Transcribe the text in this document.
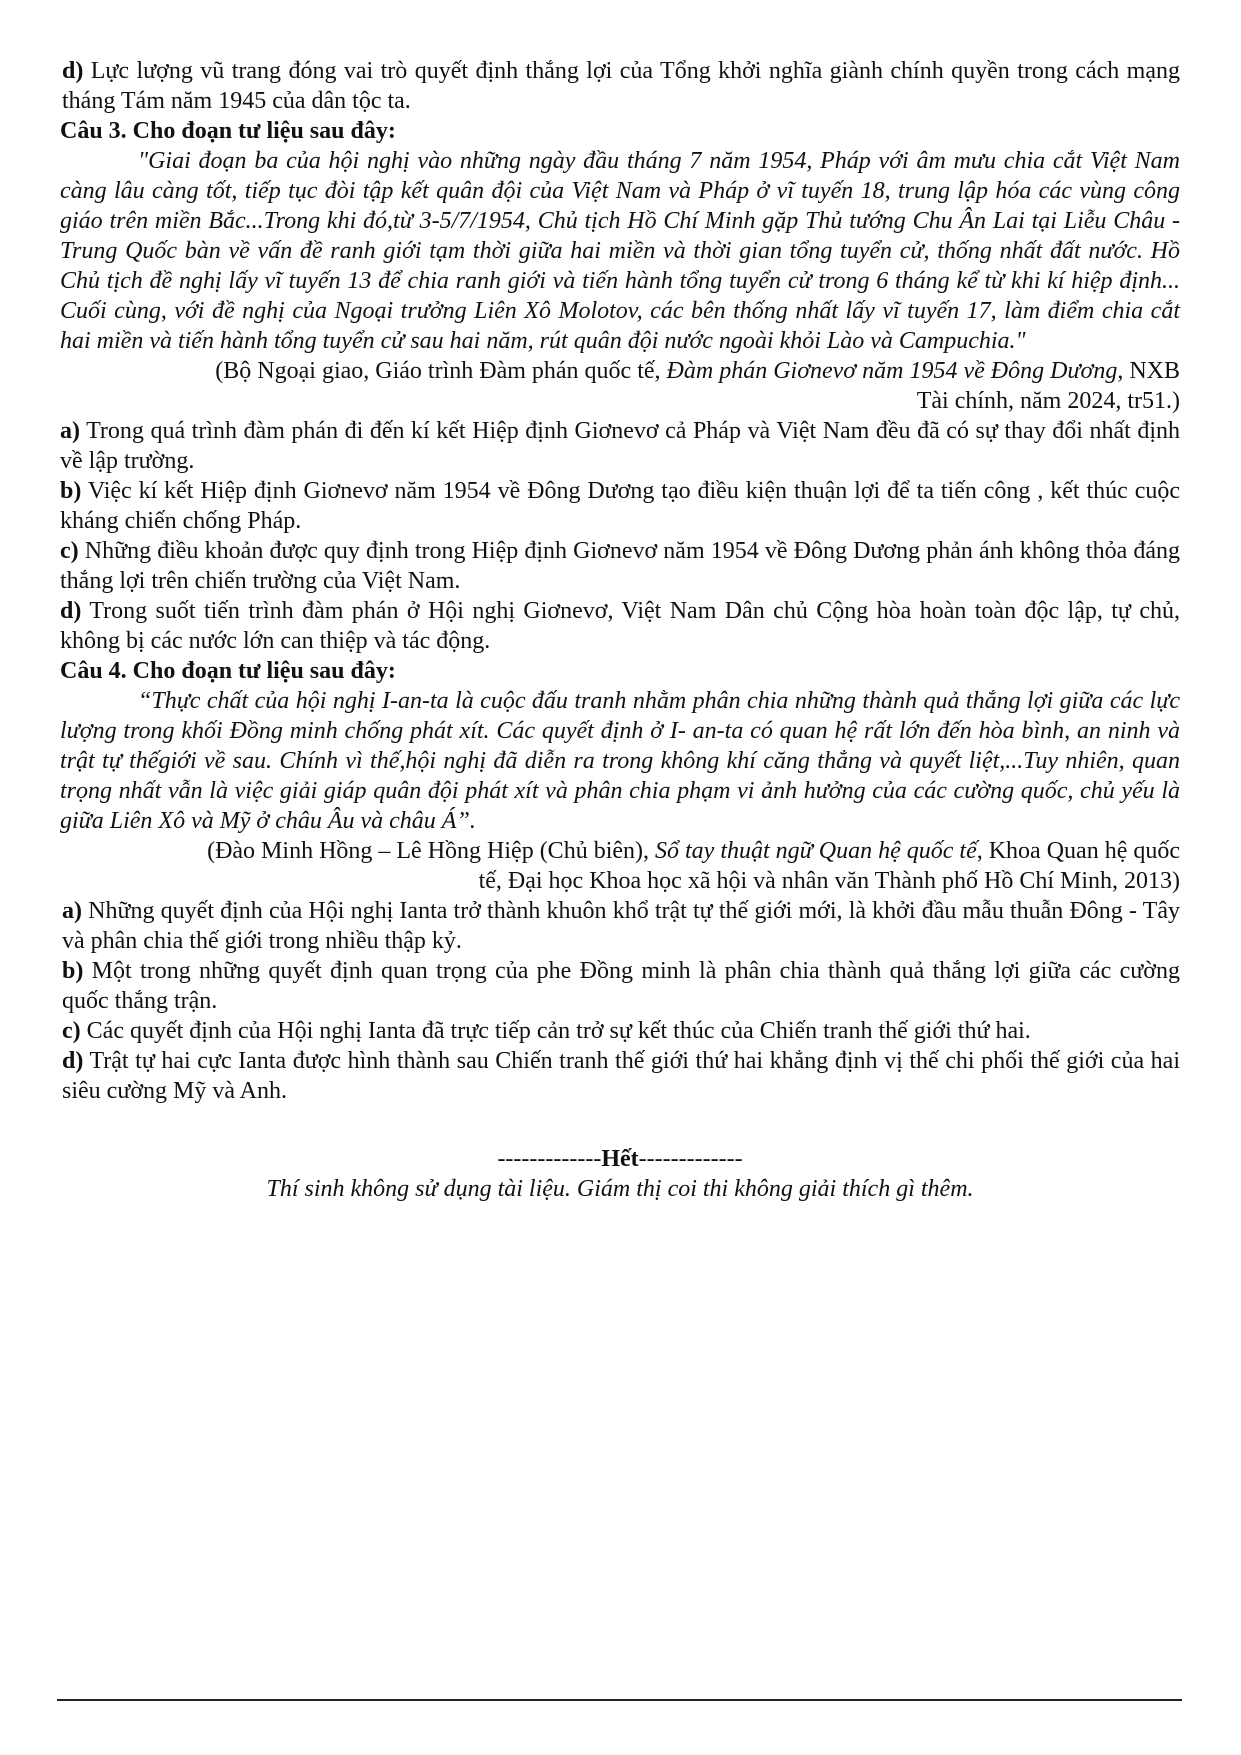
d) Lực lượng vũ trang đóng vai trò quyết định thắng lợi của Tổng khởi nghĩa giành chính quyền trong cách mạng tháng Tám năm 1945 của dân tộc ta.

Câu 3. Cho đoạn tư liệu sau đây:

"Giai đoạn ba của hội nghị vào những ngày đầu tháng 7 năm 1954, Pháp với âm mưu chia cắt Việt Nam càng lâu càng tốt, tiếp tục đòi tập kết quân đội của Việt Nam và Pháp ở vĩ tuyến 18, trung lập hóa các vùng công giáo trên miền Bắc...Trong khi đó,từ 3-5/7/1954, Chủ tịch Hồ Chí Minh gặp Thủ tướng Chu Ân Lai tại Liễu Châu - Trung Quốc bàn về vấn đề ranh giới tạm thời giữa hai miền và thời gian tổng tuyển cử, thống nhất đất nước. Hồ Chủ tịch đề nghị lấy vĩ tuyến 13 để chia ranh giới và tiến hành tổng tuyển cử trong 6 tháng kể từ khi kí hiệp định... Cuối cùng, với đề nghị của Ngoại trưởng Liên Xô Molotov, các bên thống nhất lấy vĩ tuyến 17, làm điểm chia cắt hai miền và tiến hành tổng tuyển cử sau hai năm, rút quân đội nước ngoài khỏi Lào và Campuchia."

(Bộ Ngoại giao, Giáo trình Đàm phán quốc tế, Đàm phán Giơnevơ năm 1954 về Đông Dương, NXB

Tài chính, năm 2024, tr51.)

a) Trong quá trình đàm phán đi đến kí kết Hiệp định Giơnevơ cả Pháp và Việt Nam đều đã có sự thay đổi nhất định về lập trường.

b) Việc kí kết Hiệp định Giơnevơ năm 1954 về Đông Dương tạo điều kiện thuận lợi để ta tiến công , kết thúc cuộc kháng chiến chống Pháp.

c) Những điều khoản được quy định trong Hiệp định Giơnevơ năm 1954 về Đông Dương phản ánh không thỏa đáng thắng lợi trên chiến trường của Việt Nam.

d) Trong suốt tiến trình đàm phán ở Hội nghị Giơnevơ, Việt Nam Dân chủ Cộng hòa hoàn toàn độc lập, tự chủ, không bị các nước lớn can thiệp và tác động.

Câu 4. Cho đoạn tư liệu sau đây:

“Thực chất của hội nghị I-an-ta là cuộc đấu tranh nhằm phân chia những thành quả thắng lợi giữa các lực lượng trong khối Đồng minh chống phát xít. Các quyết định ở I- an-ta có quan hệ rất lớn đến hòa bình, an ninh và trật tự thếgiới về sau. Chính vì thế,hội nghị đã diễn ra trong không khí căng thẳng và quyết liệt,...Tuy nhiên, quan trọng nhất vẫn là việc giải giáp quân đội phát xít và phân chia phạm vi ảnh hưởng của các cường quốc, chủ yếu là giữa Liên Xô và Mỹ ở châu Âu và châu Á”.

(Đào Minh Hồng – Lê Hồng Hiệp (Chủ biên), Sổ tay thuật ngữ Quan hệ quốc tế, Khoa Quan hệ quốc

tế, Đại học Khoa học xã hội và nhân văn Thành phố Hồ Chí Minh, 2013)

a) Những quyết định của Hội nghị Ianta trở thành khuôn khổ trật tự thế giới mới, là khởi đầu mẫu thuẫn Đông - Tây và phân chia thế giới trong nhiều thập kỷ.

b) Một trong những quyết định quan trọng của phe Đồng minh là phân chia thành quả thắng lợi giữa các cường quốc thắng trận.

c) Các quyết định của Hội nghị Ianta đã trực tiếp cản trở sự kết thúc của Chiến tranh thế giới thứ hai.

d) Trật tự hai cực Ianta được hình thành sau Chiến tranh thế giới thứ hai khẳng định vị thế chi phối thế giới của hai siêu cường Mỹ và Anh.

-------------Hết-------------

Thí sinh không sử dụng tài liệu. Giám thị coi thi không giải thích gì thêm.
